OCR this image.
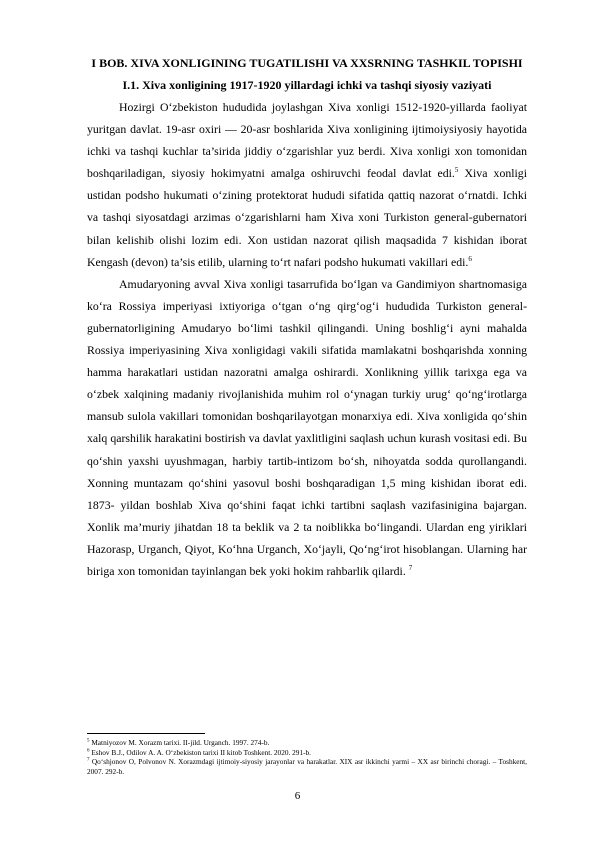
I BOB. XIVA XONLIGINING TUGATILISHI VA XXSRNING TASHKIL TOPISHI

I.1. Xiva xonligining 1917-1920 yillardagi ichki va tashqi siyosiy vaziyati

Hozirgi O‘zbekiston hududida joylashgan Xiva xonligi 1512-1920-yillarda faoliyat yuritgan davlat. 19-asr oxiri — 20-asr boshlarida Xiva xonligining ijtimoiysiyosiy hayotida ichki va tashqi kuchlar ta’sirida jiddiy o‘zgarishlar yuz berdi. Xiva xonligi xon tomonidan boshqariladigan, siyosiy hokimyatni amalga oshiruvchi feodal davlat edi.$^5$ Xiva xonligi ustidan podsho hukumati o‘zining protektorat hududi sifatida qattiq nazorat o‘rnatdi. Ichki va tashqi siyosatdagi arzimas o‘zgarishlarni ham Xiva xoni Turkiston general-gubernatori bilan kelishib olishi lozim edi. Xon ustidan nazorat qilish maqsadida 7 kishidan iborat Kengash (devon) ta’sis etilib, ularning to‘rt nafari podsho hukumati vakillari edi.$^6$

Amudaryoning avval Xiva xonligi tasarrufida bo‘lgan va Gandimiyon shartnomasiga ko‘ra Rossiya imperiyasi ixtiyoriga o‘tgan o‘ng qirg‘og‘i hududida Turkiston general-gubernatorligining Amudaryo bo‘limi tashkil qilingandi. Uning boshlig‘i ayni mahalda Rossiya imperiyasining Xiva xonligidagi vakili sifatida mamlakatni boshqarishda xonning hamma harakatlari ustidan nazoratni amalga oshirardi. Xonlikning yillik tarixga ega va o‘zbek xalqining madaniy rivojlanishida muhim rol o‘ynagan turkiy urug‘ qo‘ng‘irotlarga mansub sulola vakillari tomonidan boshqarilayotgan monarxiya edi. Xiva xonligida qo‘shin xalq qarshilik harakatini bostirish va davlat yaxlitligini saqlash uchun kurash vositasi edi. Bu qo‘shin yaxshi uyushmagan, harbiy tartib-intizom bo‘sh, nihoyatda sodda qurollangandi. Xonning muntazam qo‘shini yasovul boshi boshqaradigan 1,5 ming kishidan iborat edi. 1873- yildan boshlab Xiva qo‘shini faqat ichki tartibni saqlash vazifasinigina bajargan. Xonlik ma’muriy jihatdan 18 ta beklik va 2 ta noiblikka bo‘lingandi. Ulardan eng yiriklari Hazorasp, Urganch, Qiyot, Ko‘hna Urganch, Xo‘jayli, Qo‘ng‘irot hisoblangan. Ularning har biriga xon tomonidan tayinlangan bek yoki hokim rahbarlik qilardi. $^7$

$^5$ Matniyozov M. Xorazm tarixi. II-jild. Urganch. 1997. 274-b.

$^6$ Eshov B.J., Odilov A. A. O‘zbekiston tarixi II kitob Toshkent. 2020. 291-b.

$^7$ Qo‘shjonov O, Polvonov N. Xorazmdagi ijtimoiy-siyosiy jarayonlar va harakatlar. XIX asr ikkinchi yarmi – XX asr birinchi choragi. – Toshkent, 2007. 292-b.

6
